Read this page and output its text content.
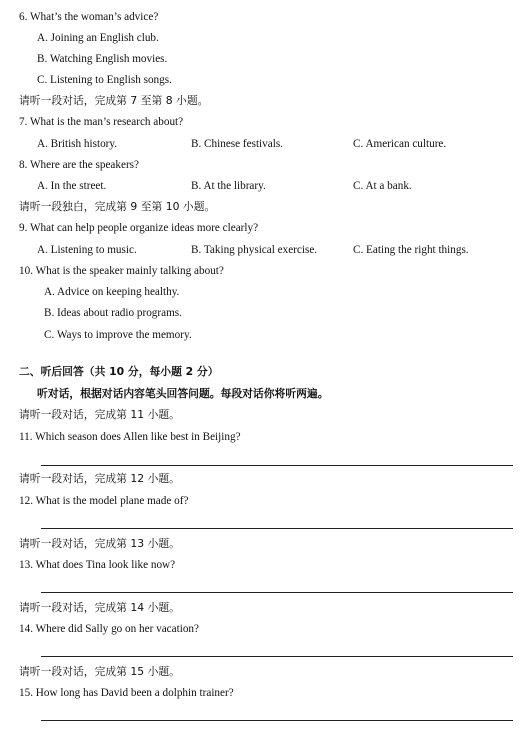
6. What’s the woman’s advice?
A. Joining an English club.
B. Watching English movies.
C. Listening to English songs.
请听一段对话，完成第 7 至第 8 小题。
7. What is the man’s research about?
A. British history.	B. Chinese festivals.	C. American culture.
8. Where are the speakers?
A. In the street.	B. At the library.	C. At a bank.
请听一段独白，完成第 9 至第 10 小题。
9. What can help people organize ideas more clearly?
A. Listening to music.	B. Taking physical exercise.	C. Eating the right things.
10. What is the speaker mainly talking about?
A. Advice on keeping healthy.
B. Ideas about radio programs.
C. Ways to improve the memory.
二、听后回答（共 10 分，每小题 2 分）
听对话，根据对话内容笔头回答问题。每段对话你将听两遍。
请听一段对话，完成第 11 小题。
11. Which season does Allen like best in Beijing?
请听一段对话，完成第 12 小题。
12. What is the model plane made of?
请听一段对话，完成第 13 小题。
13. What does Tina look like now?
请听一段对话，完成第 14 小题。
14. Where did Sally go on her vacation?
请听一段对话，完成第 15 小题。
15. How long has David been a dolphin trainer?
